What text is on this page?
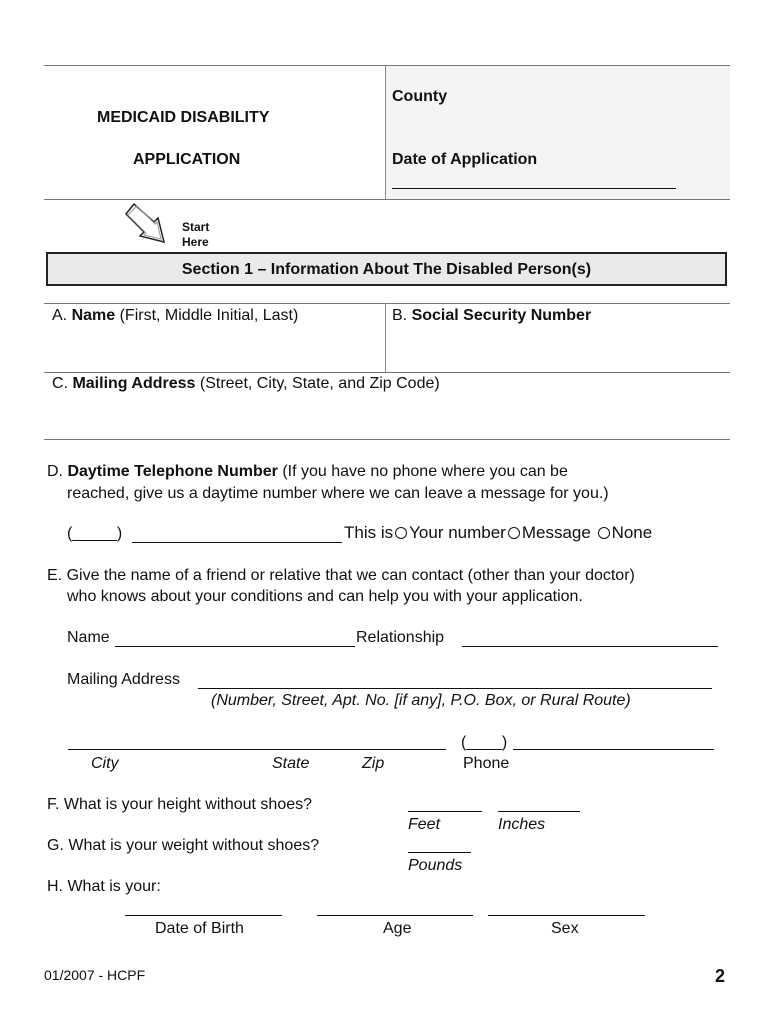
MEDICAID DISABILITY
APPLICATION
County
Date of Application
Start
Here
Section 1 – Information About The Disabled Person(s)
A. Name (First, Middle Initial, Last)	B. Social Security Number
C. Mailing Address (Street, City, State, and Zip Code)
D. Daytime Telephone Number (If you have no phone where you can be
reached, give us a daytime number where we can leave a message for you.)
(_____)	This is Your number Message None
E. Give the name of a friend or relative that we can contact (other than your doctor)
who knows about your conditions and can help you with your application.
Name	Relationship
Mailing Address
(Number, Street, Apt. No. [if any], P.O. Box, or Rural Route)
(____)
City	State	Zip	Phone
F. What is your height without shoes?
Feet	Inches
G. What is your weight without shoes?
Pounds
H. What is your:
Date of Birth	Age	Sex
01/2007 - HCPF	2
